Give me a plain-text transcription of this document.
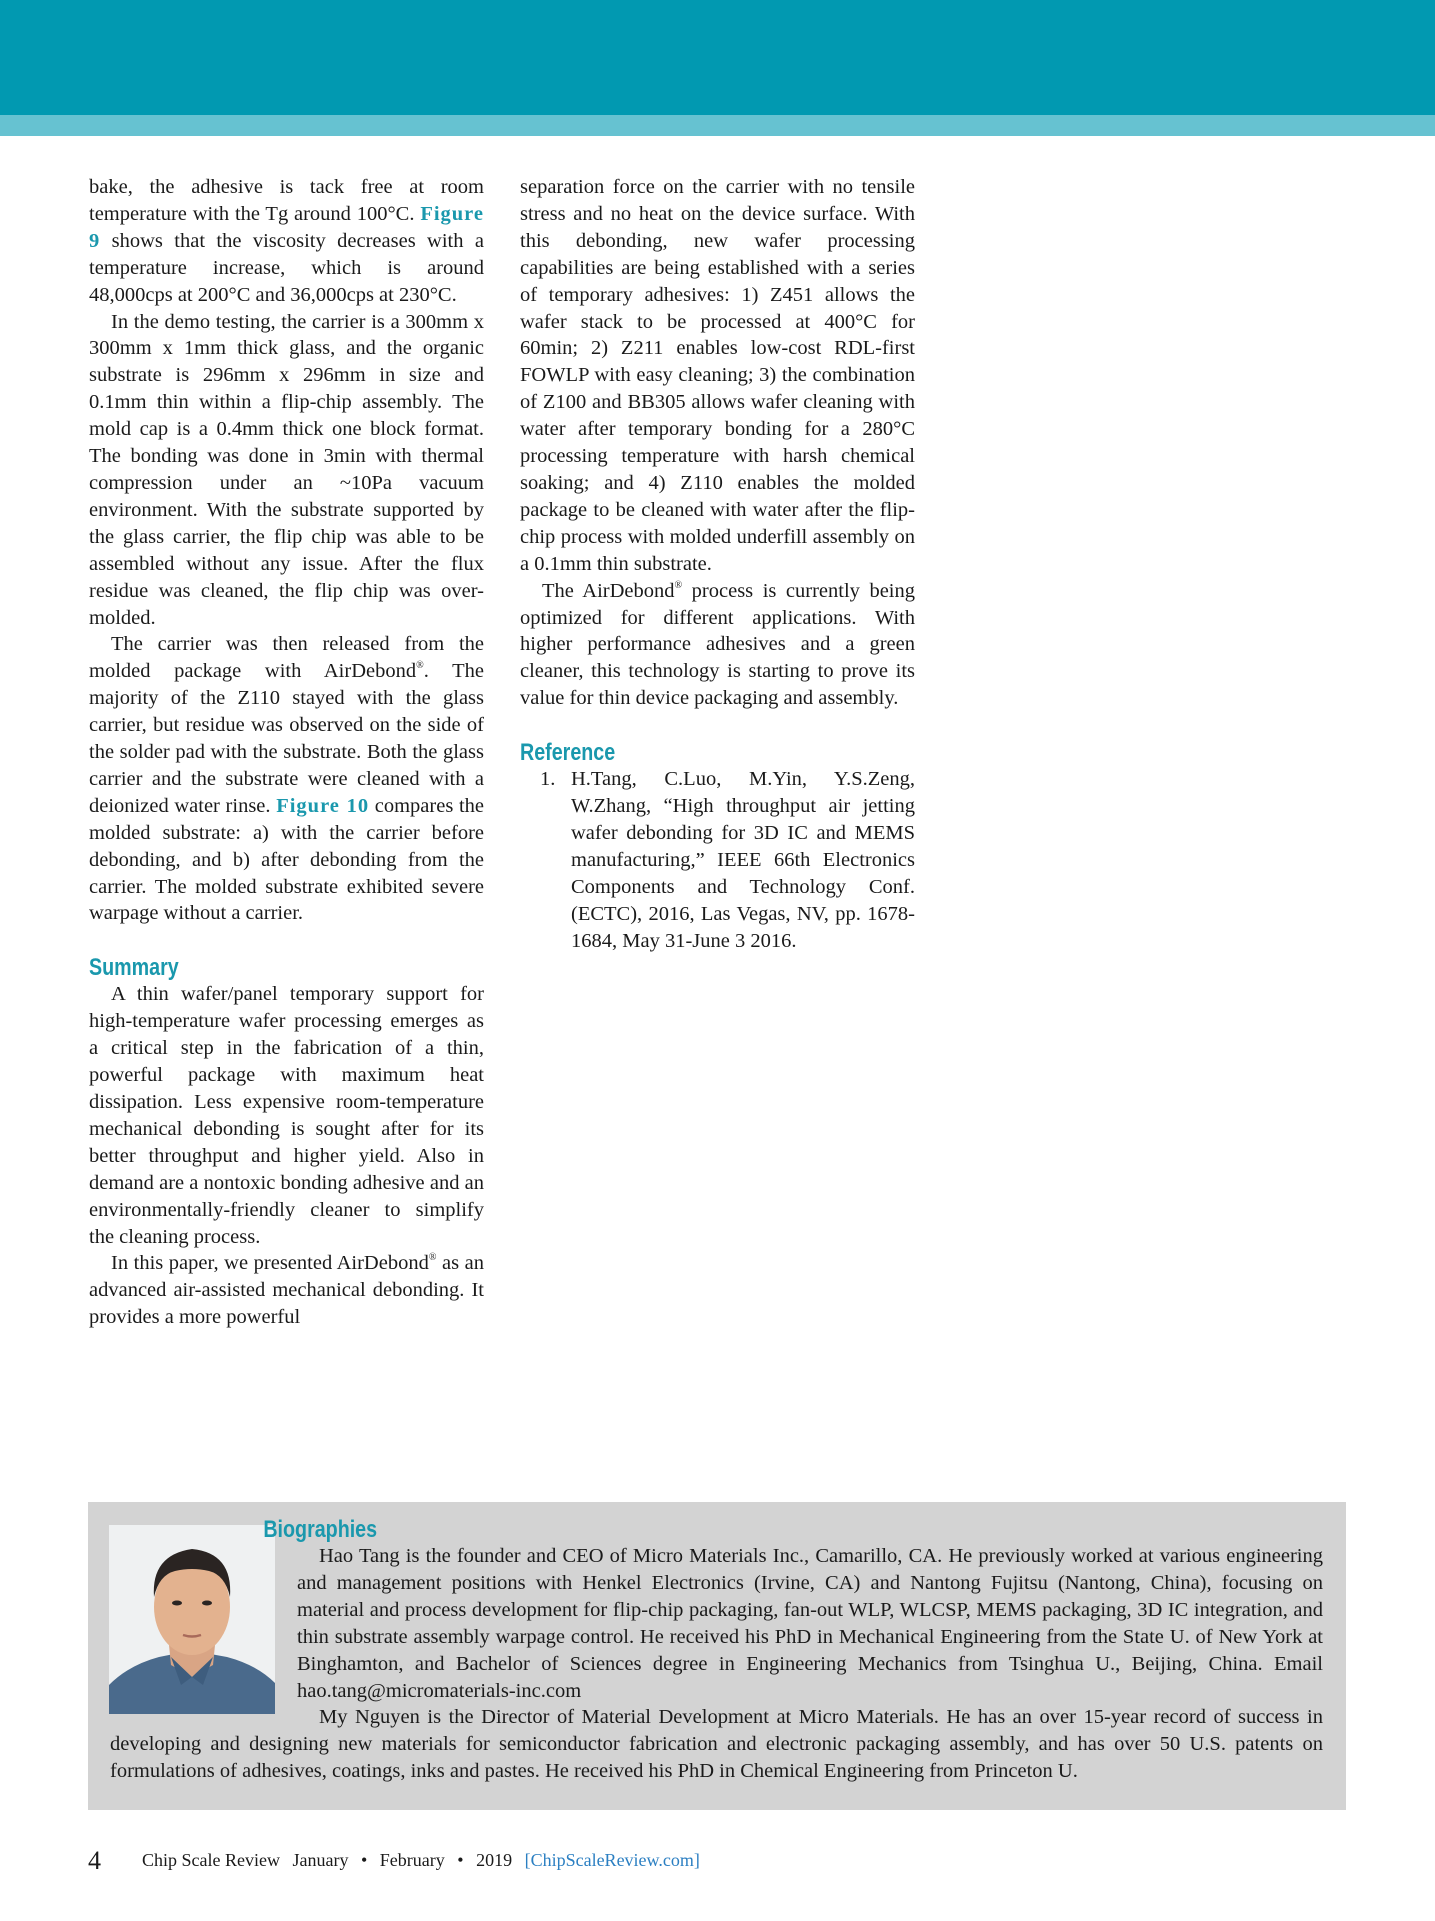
bake, the adhesive is tack free at room temperature with the Tg around 100°C. Figure 9 shows that the viscosity decreases with a temperature increase, which is around 48,000cps at 200°C and 36,000cps at 230°C.

In the demo testing, the carrier is a 300mm x 300mm x 1mm thick glass, and the organic substrate is 296mm x 296mm in size and 0.1mm thin within a flip-chip assembly. The mold cap is a 0.4mm thick one block format. The bonding was done in 3min with thermal compression under an ~10Pa vacuum environment. With the substrate supported by the glass carrier, the flip chip was able to be assembled without any issue. After the flux residue was cleaned, the flip chip was over-molded.

The carrier was then released from the molded package with AirDebond®. The majority of the Z110 stayed with the glass carrier, but residue was observed on the side of the solder pad with the substrate. Both the glass carrier and the substrate were cleaned with a deionized water rinse. Figure 10 compares the molded substrate: a) with the carrier before debonding, and b) after debonding from the carrier. The molded substrate exhibited severe warpage without a carrier.

Summary

A thin wafer/panel temporary support for high-temperature wafer processing emerges as a critical step in the fabrication of a thin, powerful package with maximum heat dissipation. Less expensive room-temperature mechanical debonding is sought after for its better throughput and higher yield. Also in demand are a nontoxic bonding adhesive and an environmentally-friendly cleaner to simplify the cleaning process.

In this paper, we presented AirDebond® as an advanced air-assisted mechanical debonding. It provides a more powerful

separation force on the carrier with no tensile stress and no heat on the device surface. With this debonding, new wafer processing capabilities are being established with a series of temporary adhesives: 1) Z451 allows the wafer stack to be processed at 400°C for 60min; 2) Z211 enables low-cost RDL-first FOWLP with easy cleaning; 3) the combination of Z100 and BB305 allows wafer cleaning with water after temporary bonding for a 280°C processing temperature with harsh chemical soaking; and 4) Z110 enables the molded package to be cleaned with water after the flip-chip process with molded underfill assembly on a 0.1mm thin substrate.

The AirDebond® process is currently being optimized for different applications. With higher performance adhesives and a green cleaner, this technology is starting to prove its value for thin device packaging and assembly.

Reference
1. H.Tang, C.Luo, M.Yin, Y.S.Zeng, W.Zhang, “High throughput air jetting wafer debonding for 3D IC and MEMS manufacturing,” IEEE 66th Electronics Components and Technology Conf. (ECTC), 2016, Las Vegas, NV, pp. 1678-1684, May 31-June 3 2016.
Biographies

Hao Tang is the founder and CEO of Micro Materials Inc., Camarillo, CA. He previously worked at various engineering and management positions with Henkel Electronics (Irvine, CA) and Nantong Fujitsu (Nantong, China), focusing on material and process development for flip-chip packaging, fan-out WLP, WLCSP, MEMS packaging, 3D IC integration, and thin substrate assembly warpage control. He received his PhD in Mechanical Engineering from the State U. of New York at Binghamton, and Bachelor of Sciences degree in Engineering Mechanics from Tsinghua U., Beijing, China. Email hao.tang@micromaterials-inc.com

My Nguyen is the Director of Material Development at Micro Materials. He has an over 15-year record of success in developing and designing new materials for semiconductor fabrication and electronic packaging assembly, and has over 50 U.S. patents on formulations of adhesives, coatings, inks and pastes. He received his PhD in Chemical Engineering from Princeton U.

4 Chip Scale Review January • February • 2019 [ChipScaleReview.com]
